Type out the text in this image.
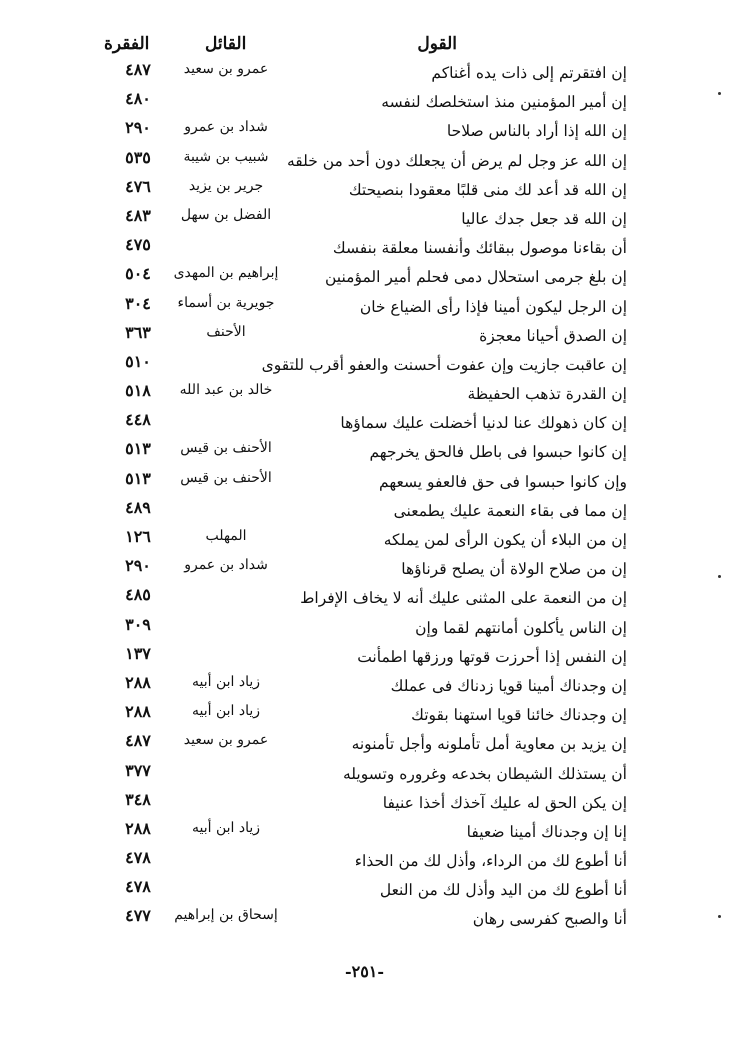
القول
القائل
الفقرة
إن افتقرتم إلى ذات يده أغناكم
عمرو بن سعيد
٤٨٧
إن أمير المؤمنين منذ استخلصك لنفسه
٤٨٠
إن الله إذا أراد بالناس صلاحا
شداد بن عمرو
٢٩٠
إن الله عز وجل لم يرض أن يجعلك دون أحد من خلقه
شبيب بن شيبة
٥٣٥
إن الله قد أعد لك منى قلبًا معقودا بنصيحتك
جرير بن يزيد
٤٧٦
إن الله قد جعل جدك عاليا
الفضل بن سهل
٤٨٣
أن بقاءنا موصول ببقائك وأنفسنا معلقة بنفسك
٤٧٥
إن بلغ جرمى استحلال دمى فحلم أمير المؤمنين
إبراهيم بن المهدى
٥٠٤
إن الرجل ليكون أمينا فإذا رأى الضياع خان
جويرية بن أسماء
٣٠٤
إن الصدق أحيانا معجزة
الأحنف
٣٦٣
إن عاقبت جازيت وإن عفوت أحسنت والعفو أقرب للتقوى
٥١٠
إن القدرة تذهب الحفيظة
خالد بن عبد الله
٥١٨
إن كان ذهولك عنا لدنيا أخضلت عليك سماؤها
٤٤٨
إن كانوا حبسوا فى باطل فالحق يخرجهم
الأحنف بن قيس
٥١٣
وإن كانوا حبسوا فى حق فالعفو يسعهم
الأحنف بن قيس
٥١٣
إن مما فى بقاء النعمة عليك يطمعنى
٤٨٩
إن من البلاء أن يكون الرأى لمن يملكه
المهلب
١٢٦
إن من صلاح الولاة أن يصلح قرناؤها
شداد بن عمرو
٢٩٠
إن من النعمة على المثنى عليك أنه لا يخاف الإفراط
٤٨٥
إن الناس يأكلون أمانتهم لقما وإن
٣٠٩
إن النفس إذا أحرزت قوتها ورزقها اطمأنت
١٣٧
إن وجدناك أمينا قويا زدناك فى عملك
زياد ابن أبيه
٢٨٨
إن وجدناك خائنا قويا استهنا بقوتك
زياد ابن أبيه
٢٨٨
إن يزيد بن معاوية أمل تأملونه وأجل تأمنونه
عمرو بن سعيد
٤٨٧
أن يستذلك الشيطان بخدعه وغروره وتسويله
٣٧٧
إن يكن الحق له عليك آخذك أخذا عنيفا
٣٤٨
إنا إن وجدناك أمينا ضعيفا
زياد ابن أبيه
٢٨٨
أنا أطوع لك من الرداء، وأذل لك من الحذاء
٤٧٨
أنا أطوع لك من اليد وأذل لك من النعل
٤٧٨
أنا والصبح كفرسى رهان
إسحاق بن إبراهيم
٤٧٧
-٢٥١-
